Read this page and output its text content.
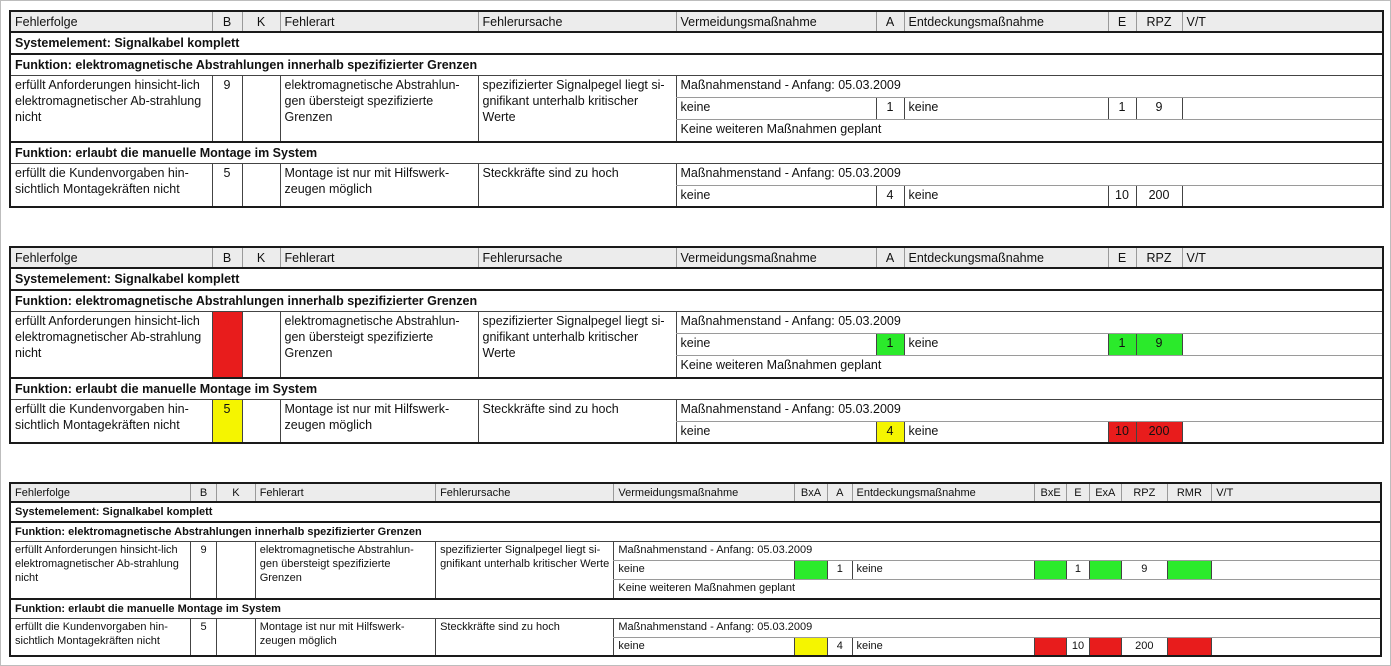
Fehlerfolge	B	K	Fehlerart	Fehlerursache	Vermeidungsmaßnahme	A	Entdeckungsmaßnahme	E	RPZ	V/T
Systemelement: Signalkabel komplett										
Funktion: elektromagnetische Abstrahlungen innerhalb spezifizierter Grenzen										
erfüllt Anforderungen hinsicht-lich elektromagnetischer Ab-strahlung nicht	9		elektromagnetische Abstrahlun-gen übersteigt spezifizierte Grenzen	spezifizierter Signalpegel liegt si-gnifikant unterhalb kritischer Werte	Maßnahmenstand - Anfang: 05.03.2009					
					keine	1	keine	1	9	
					Keine weiteren Maßnahmen geplant					
Funktion: erlaubt die manuelle Montage im System										
erfüllt die Kundenvorgaben hin-sichtlich Montagekräften nicht	5		Montage ist nur mit Hilfswerk-zeugen möglich	Steckkräfte sind zu hoch	Maßnahmenstand - Anfang: 05.03.2009					
					keine	4	keine	10	200	
Fehlerfolge	B	K	Fehlerart	Fehlerursache	Vermeidungsmaßnahme	A	Entdeckungsmaßnahme	E	RPZ	V/T
Systemelement: Signalkabel komplett										
Funktion: elektromagnetische Abstrahlungen innerhalb spezifizierter Grenzen										
erfüllt Anforderungen hinsicht-lich elektromagnetischer Ab-strahlung nicht	9		elektromagnetische Abstrahlun-gen übersteigt spezifizierte Grenzen	spezifizierter Signalpegel liegt si-gnifikant unterhalb kritischer Werte	Maßnahmenstand - Anfang: 05.03.2009					
					keine	1	keine	1	9	
					Keine weiteren Maßnahmen geplant					
Funktion: erlaubt die manuelle Montage im System										
erfüllt die Kundenvorgaben hin-sichtlich Montagekräften nicht	5		Montage ist nur mit Hilfswerk-zeugen möglich	Steckkräfte sind zu hoch	Maßnahmenstand - Anfang: 05.03.2009					
					keine	4	keine	10	200	
Fehlerfolge	B	K	Fehlerart	Fehlerursache	Vermeidungsmaßnahme	BxA	A	Entdeckungsmaßnahme	BxE	E	ExA	RPZ	RMR	V/T
Systemelement: Signalkabel komplett														
Funktion: elektromagnetische Abstrahlungen innerhalb spezifizierter Grenzen														
erfüllt Anforderungen hinsicht-lich elektromagnetischer Ab-strahlung nicht	9		elektromagnetische Abstrahlun-gen übersteigt spezifizierte Grenzen	spezifizierter Signalpegel liegt si-gnifikant unterhalb kritischer Werte	Maßnahmenstand - Anfang: 05.03.2009									
					keine		1	keine		1		9		
					Keine weiteren Maßnahmen geplant									
Funktion: erlaubt die manuelle Montage im System														
erfüllt die Kundenvorgaben hin-sichtlich Montagekräften nicht	5		Montage ist nur mit Hilfswerk-zeugen möglich	Steckkräfte sind zu hoch	Maßnahmenstand - Anfang: 05.03.2009									
					keine		4	keine		10		200		
